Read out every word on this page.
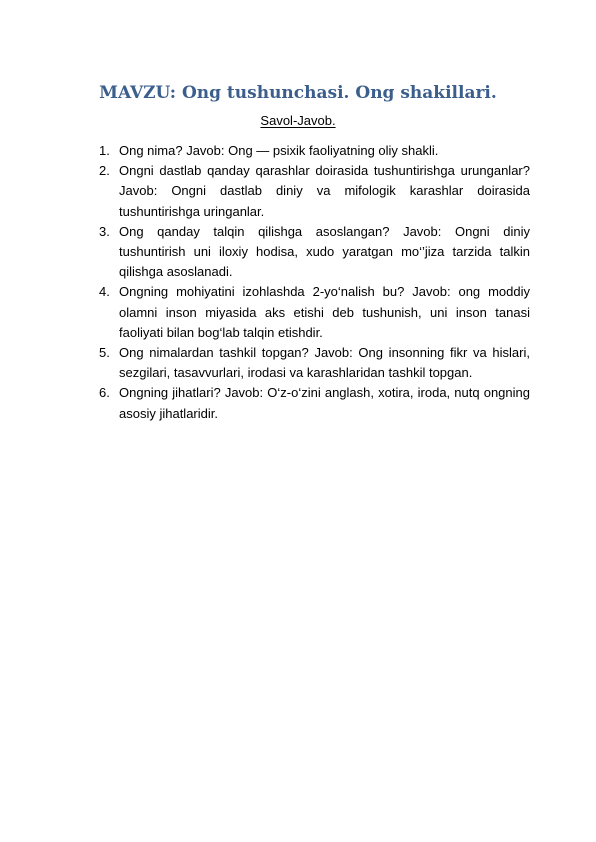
MAVZU: Ong tushunchasi. Ong shakillari.

Savol-Javob.

1. Ong nima? Javob: Ong — psixik faoliyatning oliy shakli.
2. Ongni dastlab qanday qarashlar doirasida tushuntirishga urunganlar? Javob: Ongni dastlab diniy va mifologik karashlar doirasida tushuntirishga uringanlar.
3. Ong qanday talqin qilishga asoslangan? Javob: Ongni diniy tushuntirish uni iloxiy hodisa, xudo yaratgan mo‘’jiza tarzida talkin qilishga asoslanadi.
4. Ongning mohiyatini izohlashda 2-yo‘nalish bu? Javob: ong moddiy olamni inson miyasida aks etishi deb tushunish, uni inson tanasi faoliyati bilan bog‘lab talqin etishdir.
5. Ong nimalardan tashkil topgan? Javob: Ong insonning fikr va hislari, sezgilari, tasavvurlari, irodasi va karashlaridan tashkil topgan.
6. Ongning jihatlari? Javob: O‘z-o‘zini anglash, xotira, iroda, nutq ongning asosiy jihatlaridir.
